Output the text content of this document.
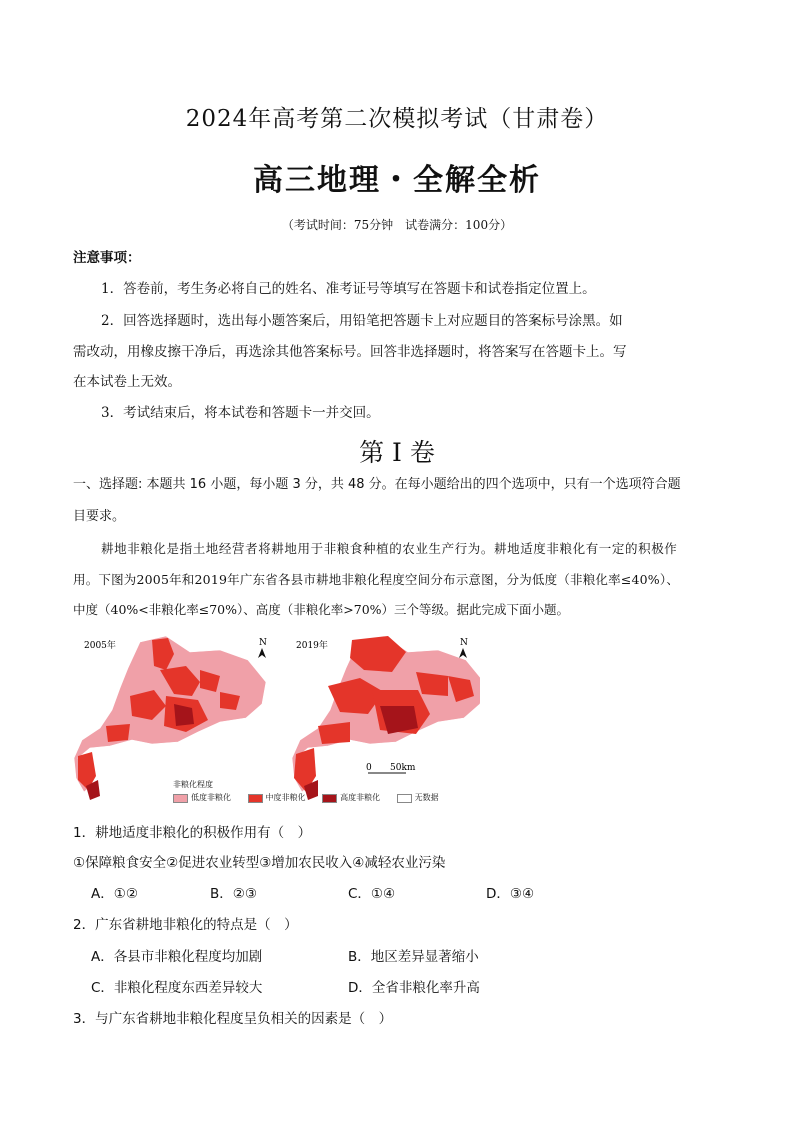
2024年高考第二次模拟考试（甘肃卷）
高三地理・全解全析
（考试时间：75分钟　试卷满分：100分）
注意事项：
1．答卷前，考生务必将自己的姓名、准考证号等填写在答题卡和试卷指定位置上。
2．回答选择题时，选出每小题答案后，用铅笔把答题卡上对应题目的答案标号涂黑。如
需改动，用橡皮擦干净后，再选涂其他答案标号。回答非选择题时，将答案写在答题卡上。写
在本试卷上无效。
3．考试结束后，将本试卷和答题卡一并交回。
第 I 卷
一、选择题: 本题共 16 小题，每小题 3 分，共 48 分。在每小题给出的四个选项中，只有一个选项符合题
目要求。
耕地非粮化是指土地经营者将耕地用于非粮食种植的农业生产行为。耕地适度非粮化有一定的积极作
用。下图为2005年和2019年广东省各县市耕地非粮化程度空间分布示意图，分为低度（非粮化率≤40%）、
中度（40%<非粮化率≤70%）、高度（非粮化率>70%）三个等级。据此完成下面小题。
2005年	N	2019年	N
0 50km
非粮化程度
低度非粮化	中度非粮化	高度非粮化	无数据
1．耕地适度非粮化的积极作用有（　）
①保障粮食安全②促进农业转型③增加农民收入④减轻农业污染
A．①②	B．②③	C．①④	D．③④
2．广东省耕地非粮化的特点是（　）
A．各县市非粮化程度均加剧	B．地区差异显著缩小
C．非粮化程度东西差异较大	D．全省非粮化率升高
3．与广东省耕地非粮化程度呈负相关的因素是（　）
